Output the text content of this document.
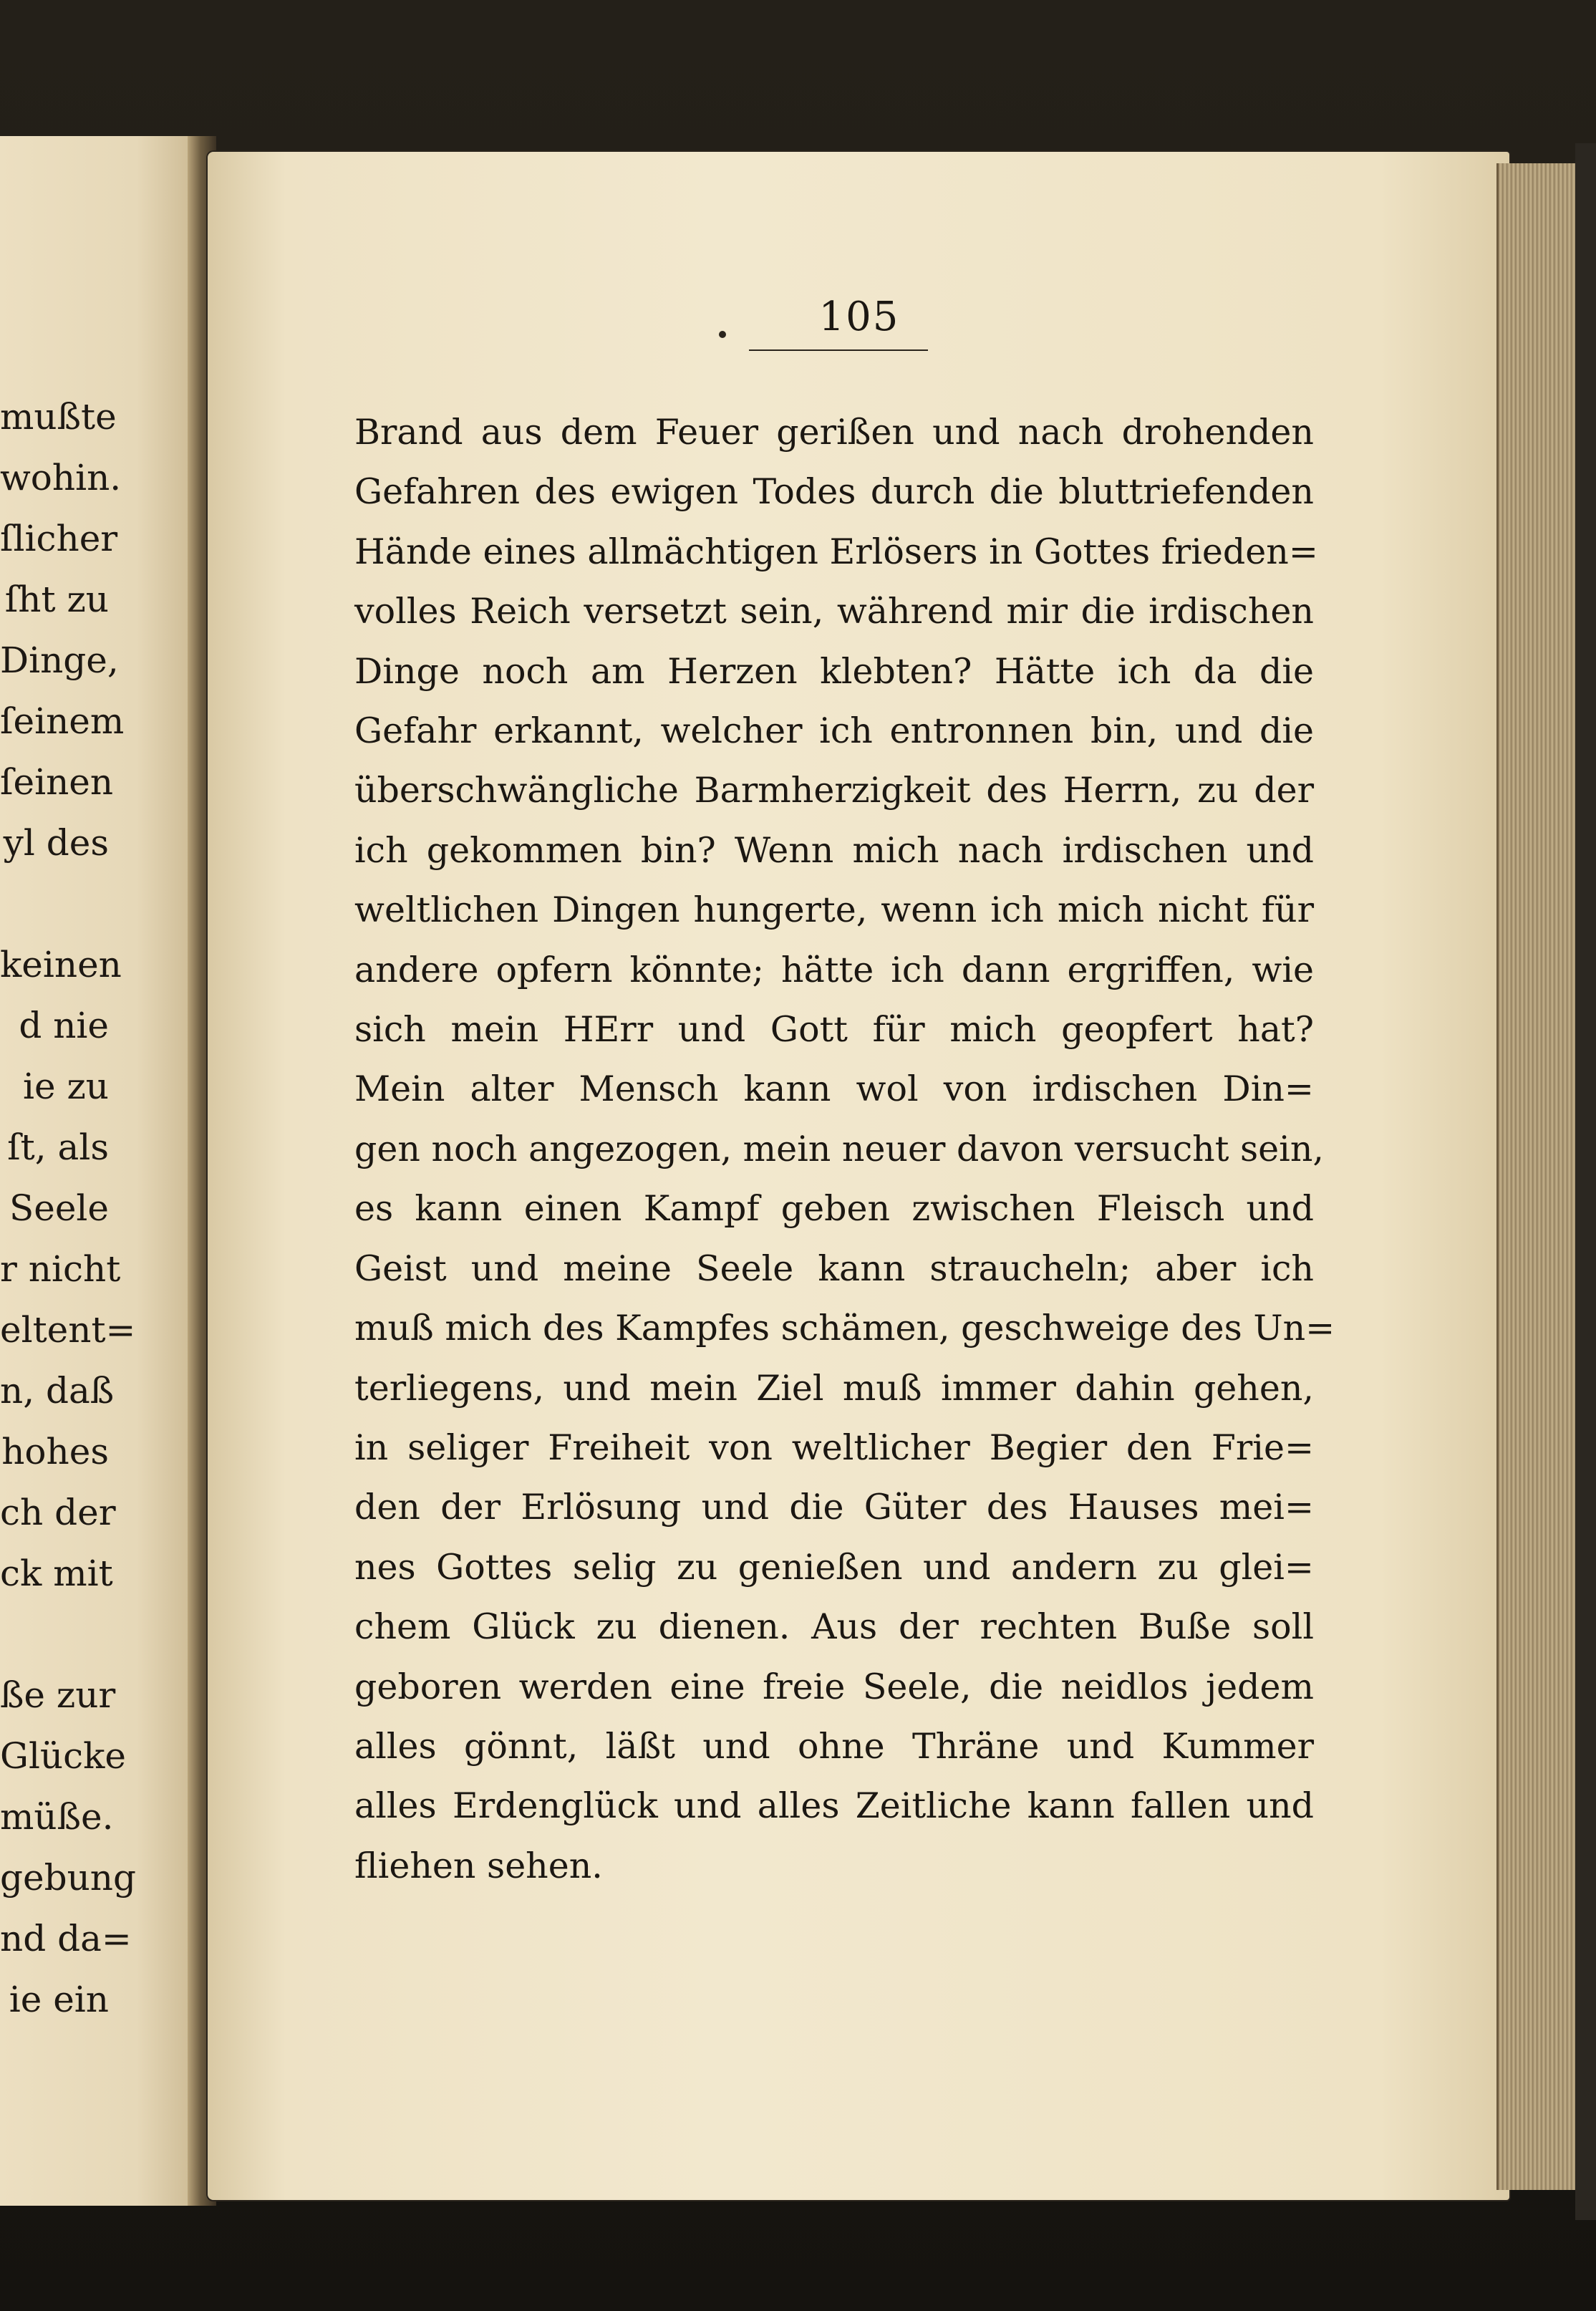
mußte
wohin.
ſlicher
ſht zu
Dinge,
ſeinem
ſeinen
yl des

keinen
d nie
ie zu
ſt, als
Seele
r nicht
eltent=
n, daß
hohes
ch der
ck mit

ße zur
Glücke
müße.
gebung
nd da=
ie ein
105
Brand aus dem Feuer gerißen und nach drohenden
Gefahren des ewigen Todes durch die bluttriefenden
Hände eines allmächtigen Erlösers in Gottes frieden=
volles Reich versetzt sein, während mir die irdischen
Dinge noch am Herzen klebten? Hätte ich da die
Gefahr erkannt, welcher ich entronnen bin, und die
überschwängliche Barmherzigkeit des Herrn, zu der
ich gekommen bin? Wenn mich nach irdischen und
weltlichen Dingen hungerte, wenn ich mich nicht für
andere opfern könnte; hätte ich dann ergriffen, wie
sich mein HErr und Gott für mich geopfert hat?
Mein alter Mensch kann wol von irdischen Din=
gen noch angezogen, mein neuer davon versucht sein,
es kann einen Kampf geben zwischen Fleisch und
Geist und meine Seele kann straucheln; aber ich
muß mich des Kampfes schämen, geschweige des Un=
terliegens, und mein Ziel muß immer dahin gehen,
in seliger Freiheit von weltlicher Begier den Frie=
den der Erlösung und die Güter des Hauses mei=
nes Gottes selig zu genießen und andern zu glei=
chem Glück zu dienen. Aus der rechten Buße soll
geboren werden eine freie Seele, die neidlos jedem
alles gönnt, läßt und ohne Thräne und Kummer
alles Erdenglück und alles Zeitliche kann fallen und
fliehen sehen.
